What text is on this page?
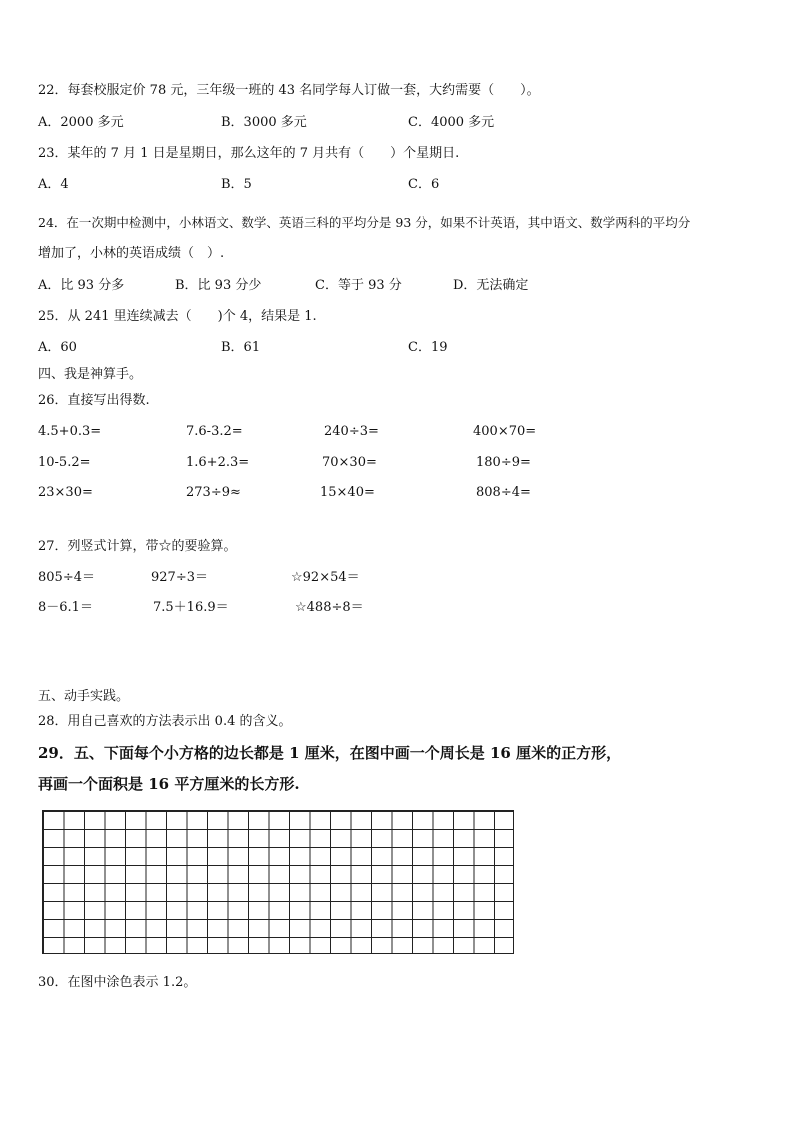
22．每套校服定价 78 元，三年级一班的 43 名同学每人订做一套，大约需要（　　）。
A．2000 多元	B．3000 多元	C．4000 多元
23．某年的 7 月 1 日是星期日，那么这年的 7 月共有（　　）个星期日.
A．4	B．5	C．6
24．在一次期中检测中，小林语文、数学、英语三科的平均分是 93 分，如果不计英语，其中语文、数学两科的平均分
增加了，小林的英语成绩（　）.
A．比 93 分多	B．比 93 分少	C．等于 93 分	D．无法确定
25．从 241 里连续减去（　　)个 4，结果是 1.
A．60	B．61	C．19
四、我是神算手。
26．直接写出得数.
4.5+0.3=	7.6-3.2=	240÷3=	400×70=
10-5.2=	1.6+2.3=	70×30=	180÷9=
23×30=	273÷9≈	15×40=	808÷4=
27．列竖式计算，带☆的要验算。
805÷4＝	927÷3＝	☆92×54＝
8－6.1＝	7.5＋16.9＝	☆488÷8＝
五、动手实践。
28．用自己喜欢的方法表示出 0.4 的含义。
29．五、下面每个小方格的边长都是 1 厘米，在图中画一个周长是 16 厘米的正方形，
再画一个面积是 16 平方厘米的长方形.
30．在图中涂色表示 1.2。
